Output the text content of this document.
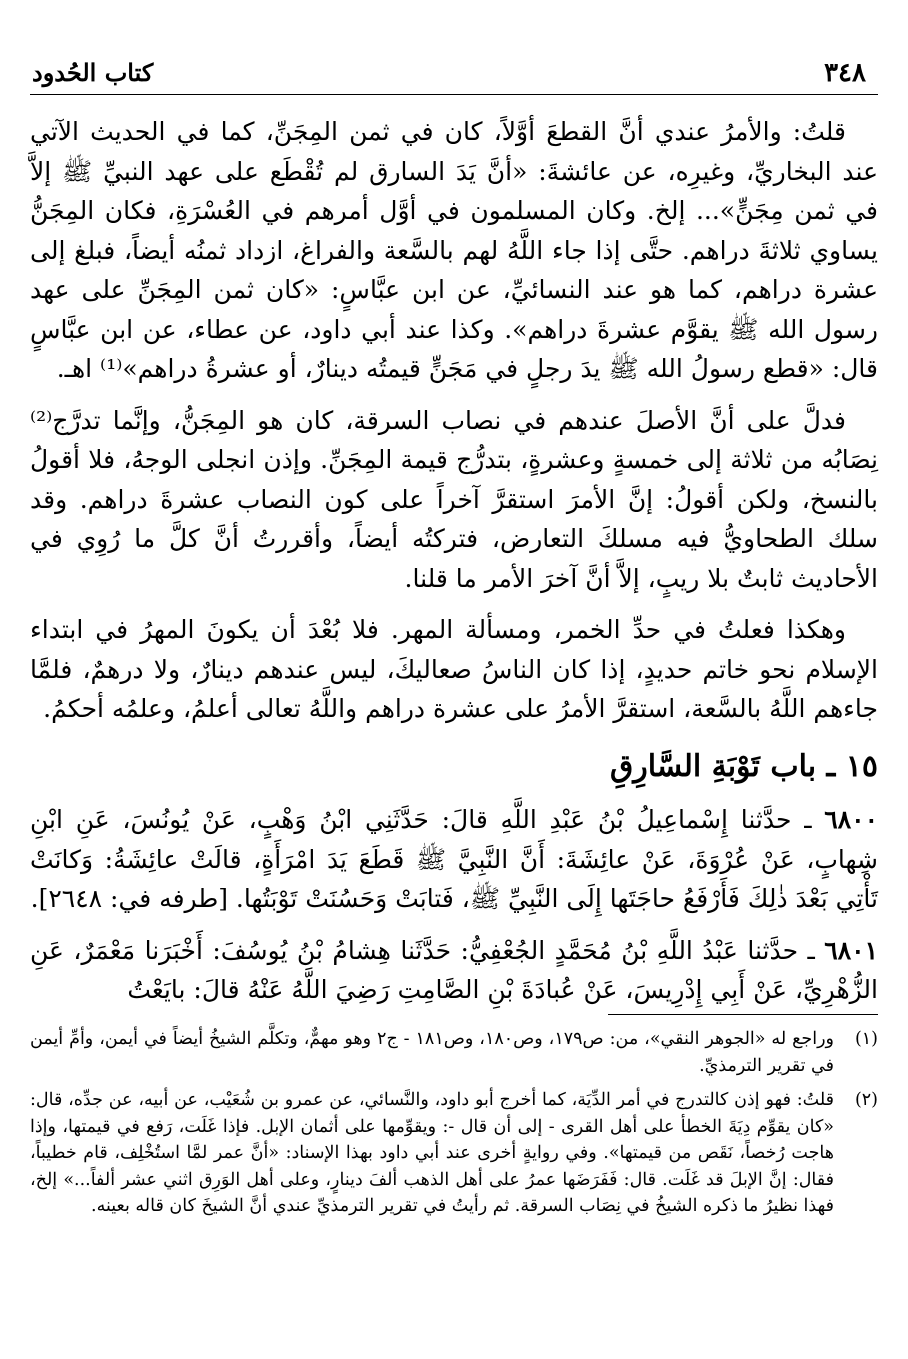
٣٤٨
كتاب الحُدود

قلتُ: والأمرُ عندي أنَّ القطعَ أوَّلاً، كان في ثمن المِجَنِّ، كما في الحديث الآتي عند البخاريِّ، وغيرِه، عن عائشةَ: «أنَّ يَدَ السارق لم تُقْطَع على عهد النبيِّ ﷺ إلاَّ في ثمن مِجَنٍّ»... إلخ. وكان المسلمون في أوَّل أمرهم في العُسْرَةِ، فكان المِجَنُّ يساوي ثلاثةَ دراهم. حتَّى إذا جاء اللَّهُ لهم بالسَّعة والفراغ، ازداد ثمنُه أيضاً، فبلغ إلى عشرة دراهم، كما هو عند النسائيِّ، عن ابن عبَّاسٍ: «كان ثمن المِجَنِّ على عهد رسول الله ﷺ يقوَّم عشرةَ دراهم». وكذا عند أبي داود، عن عطاء، عن ابن عبَّاسٍ قال: «قطع رسولُ الله ﷺ يدَ رجلٍ في مَجَنٍّ قيمتُه دينارٌ، أو عشرةُ دراهم»⁽¹⁾ اهـ.

فدلَّ على أنَّ الأصلَ عندهم في نصاب السرقة، كان هو المِجَنُّ، وإنَّما تدرَّج⁽²⁾ نِصَابُه من ثلاثة إلى خمسةٍ وعشرةٍ، بتدرُّج قيمة المِجَنِّ. وإذن انجلى الوجهُ، فلا أقولُ بالنسخ، ولكن أقولُ: إنَّ الأمرَ استقرَّ آخراً على كون النصاب عشرةَ دراهم. وقد سلك الطحاويُّ فيه مسلكَ التعارض، فتركتُه أيضاً، وأقررتُ أنَّ كلَّ ما رُوِي في الأحاديث ثابتٌ بلا ريبٍ، إلاَّ أنَّ آخرَ الأمر ما قلنا.

وهكذا فعلتُ في حدِّ الخمر، ومسألة المهر. فلا بُعْدَ أن يكونَ المهرُ في ابتداء الإسلام نحو خاتم حديدٍ، إذا كان الناسُ صعاليكَ، ليس عندهم دينارٌ، ولا درهمٌ، فلمَّا جاءهم اللَّهُ بالسَّعة، استقرَّ الأمرُ على عشرة دراهم واللَّهُ تعالى أعلمُ، وعلمُه أحكمُ.

١٥ ـ باب تَوْبَةِ السَّارِقِ

٦٨٠٠ ـ حدَّثنا إِسْماعِيلُ بْنُ عَبْدِ اللَّهِ قالَ: حَدَّثَنِي ابْنُ وَهْبٍ، عَنْ يُونُسَ، عَنِ ابْنِ شِهابٍ، عَنْ عُرْوَةَ، عَنْ عائِشَةَ: أَنَّ النَّبِيَّ ﷺ قَطَعَ يَدَ امْرَأَةٍ، قالَتْ عائِشَةُ: وَكانَتْ تَأْتِي بَعْدَ ذٰلِكَ فَأَرْفَعُ حاجَتَها إِلَى النَّبِيِّ ﷺ، فَتابَتْ وَحَسُنَتْ تَوْبَتُها. [طرفه في: ٢٦٤٨].

٦٨٠١ ـ حدَّثنا عَبْدُ اللَّهِ بْنُ مُحَمَّدٍ الجُعْفِيُّ: حَدَّثَنا هِشامُ بْنُ يُوسُفَ: أَخْبَرَنا مَعْمَرٌ، عَنِ الزُّهْرِيِّ، عَنْ أَبِي إِدْرِيسَ، عَنْ عُبادَةَ بْنِ الصَّامِتِ رَضِيَ اللَّهُ عَنْهُ قالَ: بايَعْتُ

(١)
وراجع له «الجوهر النقي»، من: ص١٧٩، وص١٨٠، وص١٨١ - ج٢ وهو مهمٌّ، وتكلَّم الشيخُ أيضاً في أيمن، وأمِّ أيمن في تقرير الترمذيِّ.
(٢)
قلتُ: فهو إذن كالتدرج في أمر الدِّيَة، كما أخرج أبو داود، والنَّسائي، عن عمرو بن شُعَيْب، عن أبيه، عن جدِّه، قال: «كان يقوِّم دِيَةَ الخطأ على أهل القرى - إلى أن قال -: ويقوِّمها على أثمان الإبل. فإذا غَلَت، رَفع في قيمتها، وإذا هاجت رُخصاً، نَقَص من قيمتها». وفي روايةٍ أخرى عند أبي داود بهذا الإسناد: «أنَّ عمر لمَّا استُخْلِف، قام خطيباً، فقال: إنَّ الإبلَ قد غَلَت. قال: فَفَرَضَها عمرُ على أهل الذهب ألفَ دينارٍ، وعلى أهل الوَرِق اثني عشر ألفاً...» إلخ، فهذا نظيرُ ما ذكره الشيخُ في نِصَاب السرقة. ثم رأيتُ في تقرير الترمذيِّ عندي أنَّ الشيخَ كان قاله بعينه.
